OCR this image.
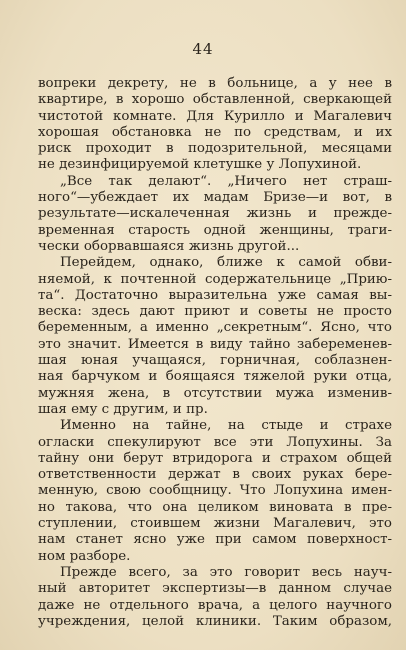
44
вопреки декрету, не в больнице, а у нее в
квартире, в хорошо обставленной, сверкающей
чистотой комнате. Для Курилло и Магалевич
хорошая обстановка не по средствам, и их
риск проходит в подозрительной, месяцами
не дезинфицируемой клетушке у Лопухиной.
„Все так делают“. „Ничего нет страш-
ного“—убеждает их мадам Бризе—и вот, в
результате—искалеченная жизнь и прежде-
временная старость одной женщины, траги-
чески оборвавшаяся жизнь другой...
Перейдем, однако, ближе к самой обви-
няемой, к почтенной содержательнице „Прию-
та“. Достаточно выразительна уже самая вы-
веска: здесь дают приют и советы не просто
беременным, а именно „секретным“. Ясно, что
это значит. Имеется в виду тайно забеременев-
шая юная учащаяся, горничная, соблазнен-
ная барчуком и боящаяся тяжелой руки отца,
мужняя жена, в отсутствии мужа изменив-
шая ему с другим, и пр.
Именно на тайне, на стыде и страхе
огласки спекулируют все эти Лопухины. За
тайну они берут втридорога и страхом общей
ответственности держат в своих руках бере-
менную, свою сообщницу. Что Лопухина имен-
но такова, что она целиком виновата в пре-
ступлении, стоившем жизни Магалевич, это
нам станет ясно уже при самом поверхност-
ном разборе.
Прежде всего, за это говорит весь науч-
ный авторитет экспертизы—в данном случае
даже не отдельного врача, а целого научного
учреждения, целой клиники. Таким образом,
